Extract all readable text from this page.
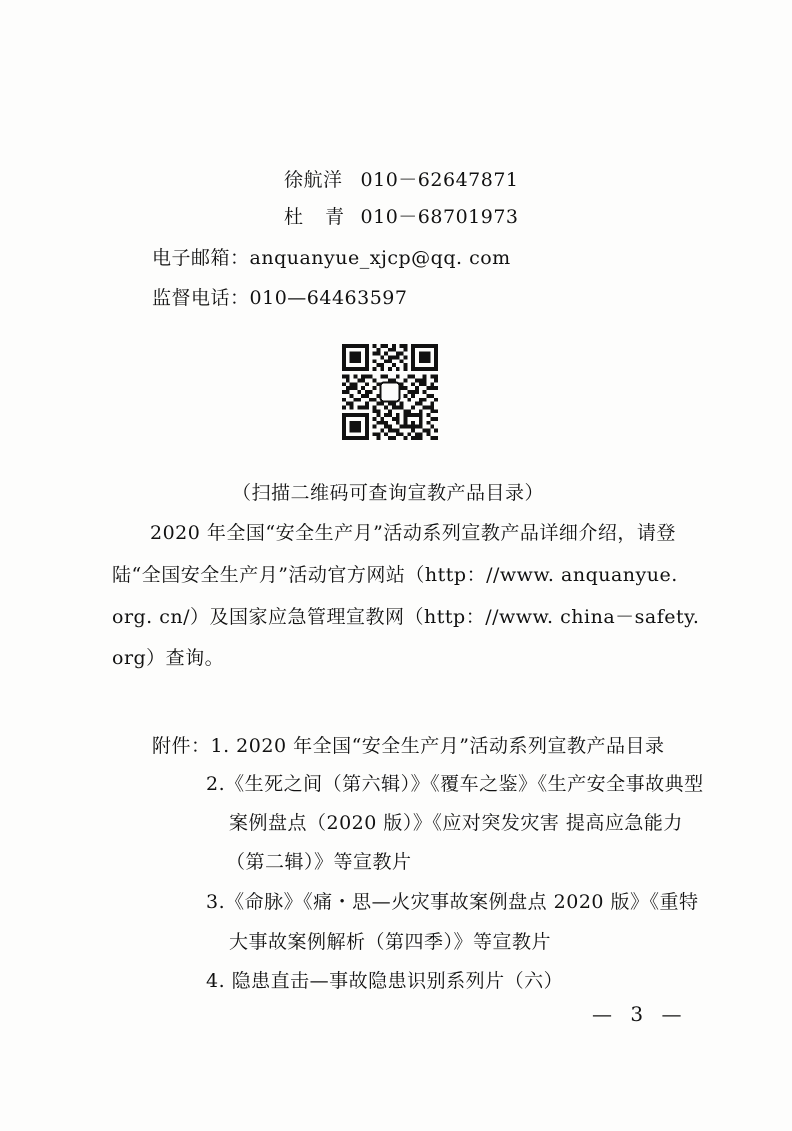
徐航洋 010－62647871
杜青 010－68701973
电子邮箱：anquanyue_xjcp@qq. com
监督电话：010—64463597
（扫描二维码可查询宣教产品目录）
2020 年全国“安全生产月”活动系列宣教产品详细介绍，请登
陆“全国安全生产月”活动官方网站（http：//www. anquanyue.
org. cn/）及国家应急管理宣教网（http：//www. china－safety.
org）查询。
附件：1. 2020 年全国“安全生产月”活动系列宣教产品目录
2.《生死之间（第六辑）》《覆车之鉴》《生产安全事故典型
案例盘点（2020 版）》《应对突发灾害 提高应急能力
（第二辑）》等宣教片
3.《命脉》《痛・思—火灾事故案例盘点 2020 版》《重特
大事故案例解析（第四季）》等宣教片
4. 隐患直击—事故隐患识别系列片（六）
— 3 —
